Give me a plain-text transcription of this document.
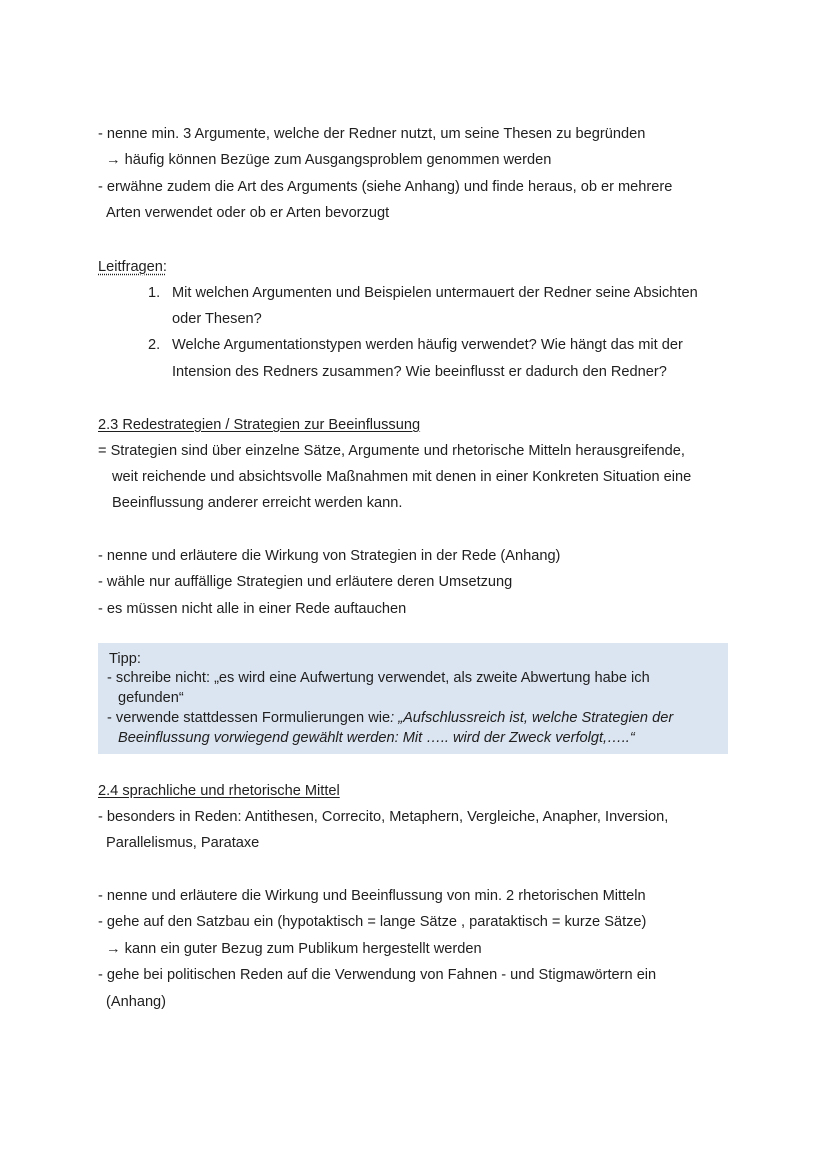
- nenne min. 3 Argumente, welche der Redner nutzt, um seine Thesen zu begründen
→ häufig können Bezüge zum Ausgangsproblem genommen werden
- erwähne zudem die Art des Arguments (siehe Anhang) und finde heraus, ob er mehrere
Arten verwendet oder ob er Arten bevorzugt
Leitfragen:
1. Mit welchen Argumenten und Beispielen untermauert der Redner seine Absichten
oder Thesen?
2. Welche Argumentationstypen werden häufig verwendet? Wie hängt das mit der
Intension des Redners zusammen? Wie beeinflusst er dadurch den Redner?
2.3 Redestrategien / Strategien zur Beeinflussung
= Strategien sind über einzelne Sätze, Argumente und rhetorische Mitteln herausgreifende,
weit reichende und absichtsvolle Maßnahmen mit denen in einer Konkreten Situation eine
Beeinflussung anderer erreicht werden kann.
- nenne und erläutere die Wirkung von Strategien in der Rede (Anhang)
- wähle nur auffällige Strategien und erläutere deren Umsetzung
- es müssen nicht alle in einer Rede auftauchen
Tipp:
- schreibe nicht: „es wird eine Aufwertung verwendet, als zweite Abwertung habe ich
gefunden“
- verwende stattdessen Formulierungen wie: „Aufschlussreich ist, welche Strategien der
Beeinflussung vorwiegend gewählt werden: Mit ….. wird der Zweck verfolgt,…..“
2.4 sprachliche und rhetorische Mittel
- besonders in Reden: Antithesen, Correcito, Metaphern, Vergleiche, Anapher, Inversion,
Parallelismus, Parataxe
- nenne und erläutere die Wirkung und Beeinflussung von min. 2 rhetorischen Mitteln
- gehe auf den Satzbau ein (hypotaktisch = lange Sätze , parataktisch = kurze Sätze)
→ kann ein guter Bezug zum Publikum hergestellt werden
- gehe bei politischen Reden auf die Verwendung von Fahnen - und Stigmawörtern ein
(Anhang)
